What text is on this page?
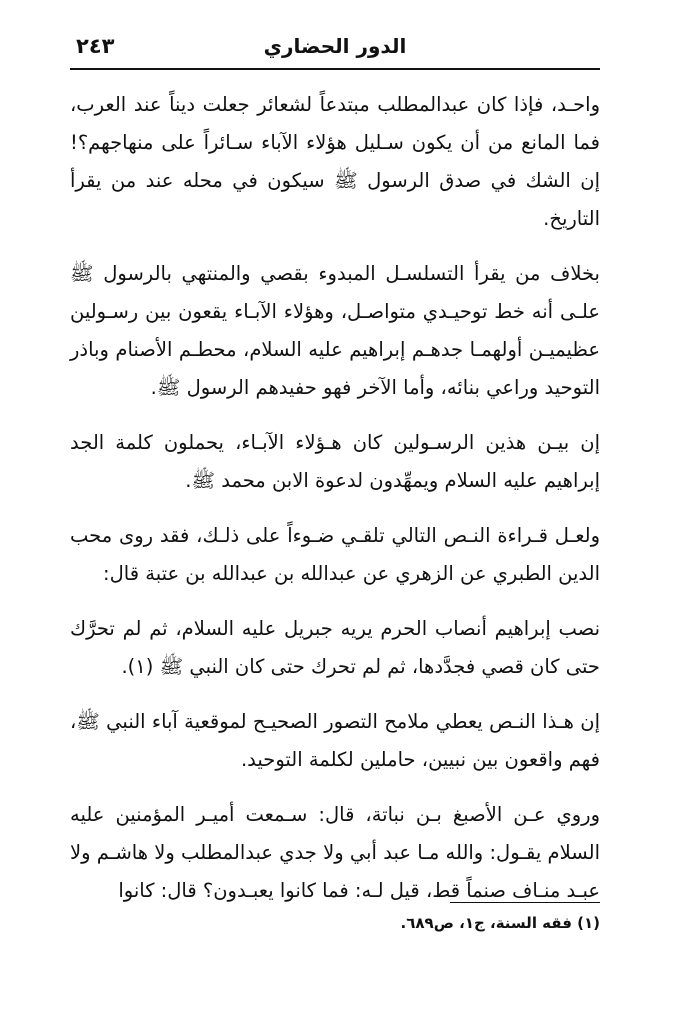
٢٤٣	الدور الحضاري

واحـد، فإذا كان عبدالمطلب مبتدعاً لشعائر جعلت ديناً عند العرب، فما المانع من أن يكون سـليل هؤلاء الآباء سـائراً على منهاجهم؟! إن الشك في صدق الرسول ﷺ سيكون في محله عند من يقرأ التاريخ.

بخلاف من يقرأ التسلسـل المبدوء بقصي والمنتهي بالرسول ﷺ علـى أنه خط توحيـدي متواصـل، وهؤلاء الآبـاء يقعون بين رسـولين عظيميـن أولهمـا جدهـم إبراهيم عليه السلام، محطـم الأصنام وباذر التوحيد وراعي بنائه، وأما الآخر فهو حفيدهم الرسول ﷺ.

إن بيـن هذين الرسـولين كان هـؤلاء الآبـاء، يحملون كلمة الجد إبراهيم عليه السلام ويمهِّدون لدعوة الابن محمد ﷺ.

ولعـل قـراءة النـص التالي تلقـي ضـوءاً على ذلـك، فقد روى محب الدين الطبري عن الزهري عن عبدالله بن عبدالله بن عتبة قال:

نصب إبراهيم أنصاب الحرم يريه جبريل عليه السلام، ثم لم تحرَّك حتى كان قصي فجدَّدها، ثم لم تحرك حتى كان النبي ﷺ (١).

إن هـذا النـص يعطي ملامح التصور الصحيـح لموقعية آباء النبي ﷺ، فهم واقعون بين نبيين، حاملين لكلمة التوحيد.

وروي عـن الأصبغ بـن نباتة، قال: سـمعت أميـر المؤمنين عليه السلام يقـول: والله مـا عبد أبي ولا جدي عبدالمطلب ولا هاشـم ولا عبـد منـاف صنماً قط، قيل لـه: فما كانوا يعبـدون؟ قال: كانوا

(١) فقه السنة، ج١، ص٦٨٩.
